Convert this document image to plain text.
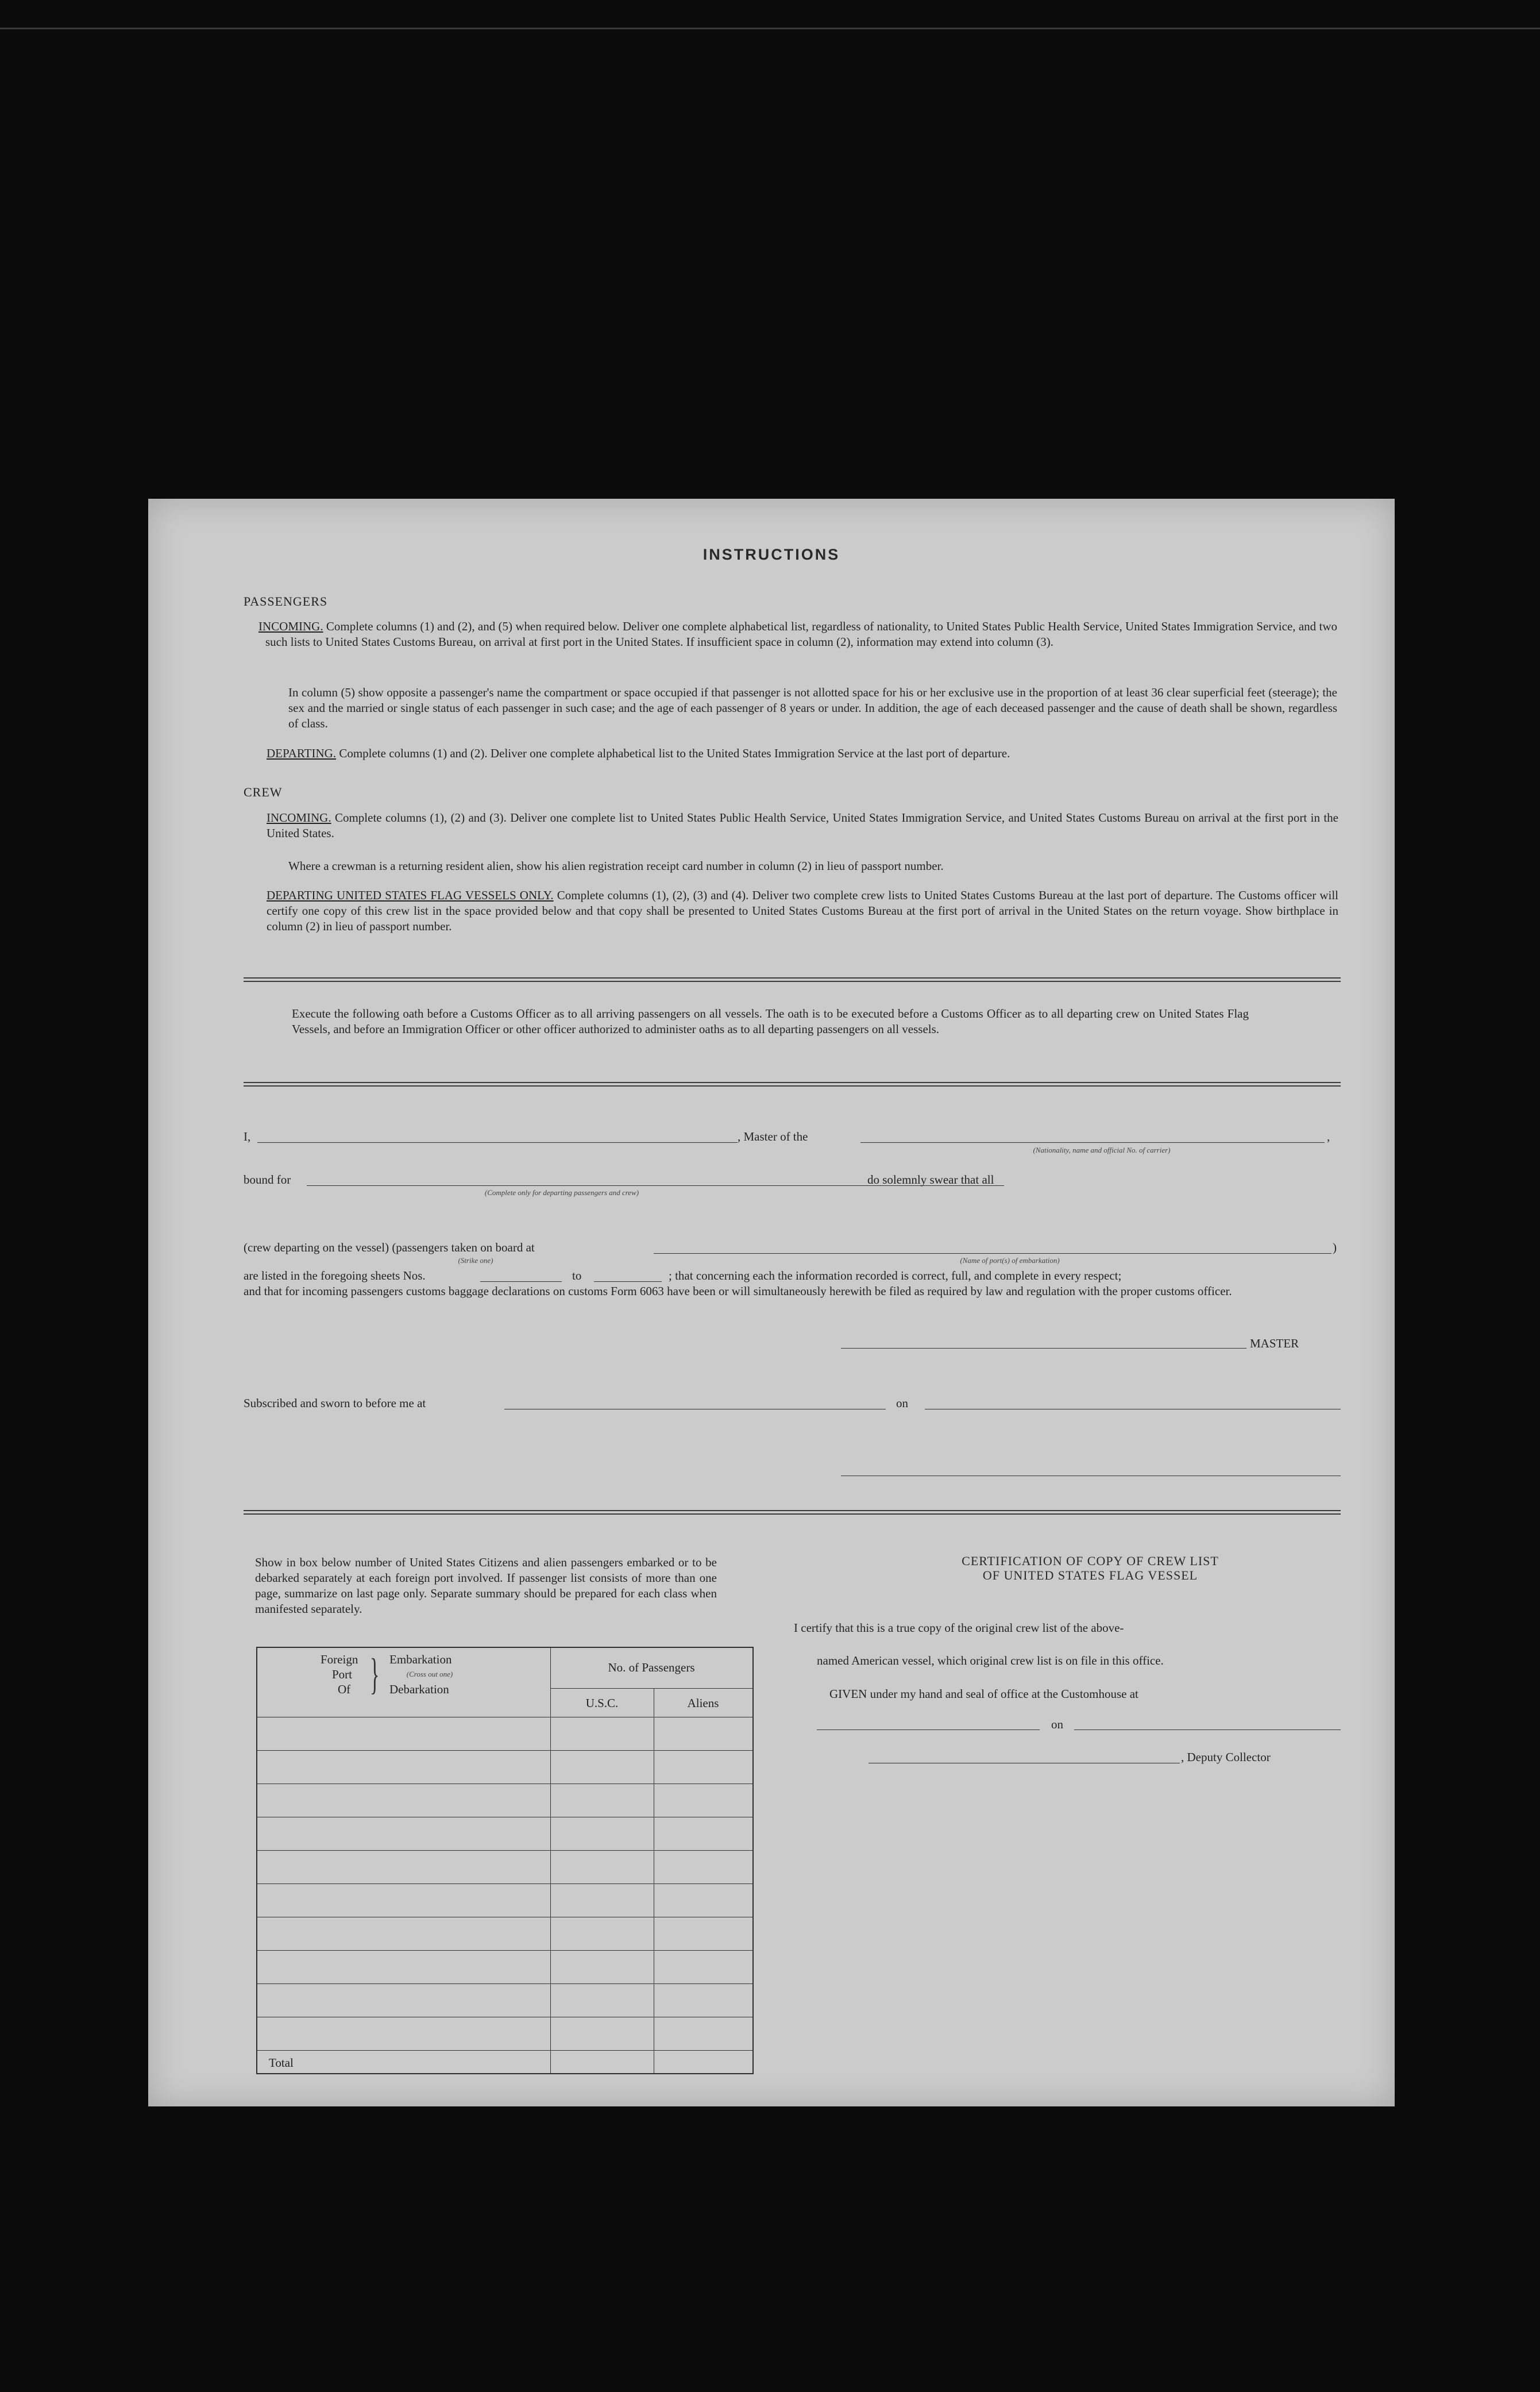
INSTRUCTIONS
PASSENGERS
INCOMING. Complete columns (1) and (2), and (5) when required below. Deliver one complete alphabetical list, regardless of nationality, to United States Public Health Service, United States Immigration Service, and two such lists to United States Customs Bureau, on arrival at first port in the United States. If insufficient space in column (2), information may extend into column (3).
In column (5) show opposite a passenger's name the compartment or space occupied if that passenger is not allotted space for his or her exclusive use in the proportion of at least 36 clear superficial feet (steerage); the sex and the married or single status of each passenger in such case; and the age of each passenger of 8 years or under. In addition, the age of each deceased passenger and the cause of death shall be shown, regardless of class.
DEPARTING. Complete columns (1) and (2). Deliver one complete alphabetical list to the United States Immigration Service at the last port of departure.
CREW
INCOMING. Complete columns (1), (2) and (3). Deliver one complete list to United States Public Health Service, United States Immigration Service, and United States Customs Bureau on arrival at the first port in the United States.
Where a crewman is a returning resident alien, show his alien registration receipt card number in column (2) in lieu of passport number.
DEPARTING UNITED STATES FLAG VESSELS ONLY. Complete columns (1), (2), (3) and (4). Deliver two complete crew lists to United States Customs Bureau at the last port of departure. The Customs officer will certify one copy of this crew list in the space provided below and that copy shall be presented to United States Customs Bureau at the first port of arrival in the United States on the return voyage. Show birthplace in column (2) in lieu of passport number.
Execute the following oath before a Customs Officer as to all arriving passengers on all vessels. The oath is to be executed before a Customs Officer as to all departing crew on United States Flag Vessels, and before an Immigration Officer or other officer authorized to administer oaths as to all departing passengers on all vessels.
I,	, Master of the	,
(Nationality, name and official No. of carrier)
bound for
(Complete only for departing passengers and crew)
do solemnly swear that all
(crew departing on the vessel) (passengers taken on board at	)
(Strike one)	(Name of port(s) of embarkation)
are listed in the foregoing sheets Nos.	to	; that concerning each the information recorded is correct, full, and complete in every respect;
and that for incoming passengers customs baggage declarations on customs Form 6063 have been or will simultaneously herewith be filed as required by law and regulation with the proper customs officer.
MASTER
Subscribed and sworn to before me at	on
Show in box below number of United States Citizens and alien passengers embarked or to be debarked separately at each foreign port involved. If passenger list consists of more than one page, summarize on last page only. Separate summary should be prepared for each class when manifested separately.
Foreign
Port
Of } Embarkation
(Cross out one)
Debarkation
No. of Passengers
U.S.C.	Aliens
Total
CERTIFICATION OF COPY OF CREW LIST
OF UNITED STATES FLAG VESSEL
I certify that this is a true copy of the original crew list of the above-
named American vessel, which original crew list is on file in this office.
GIVEN under my hand and seal of office at the Customhouse at
on
, Deputy Collector
